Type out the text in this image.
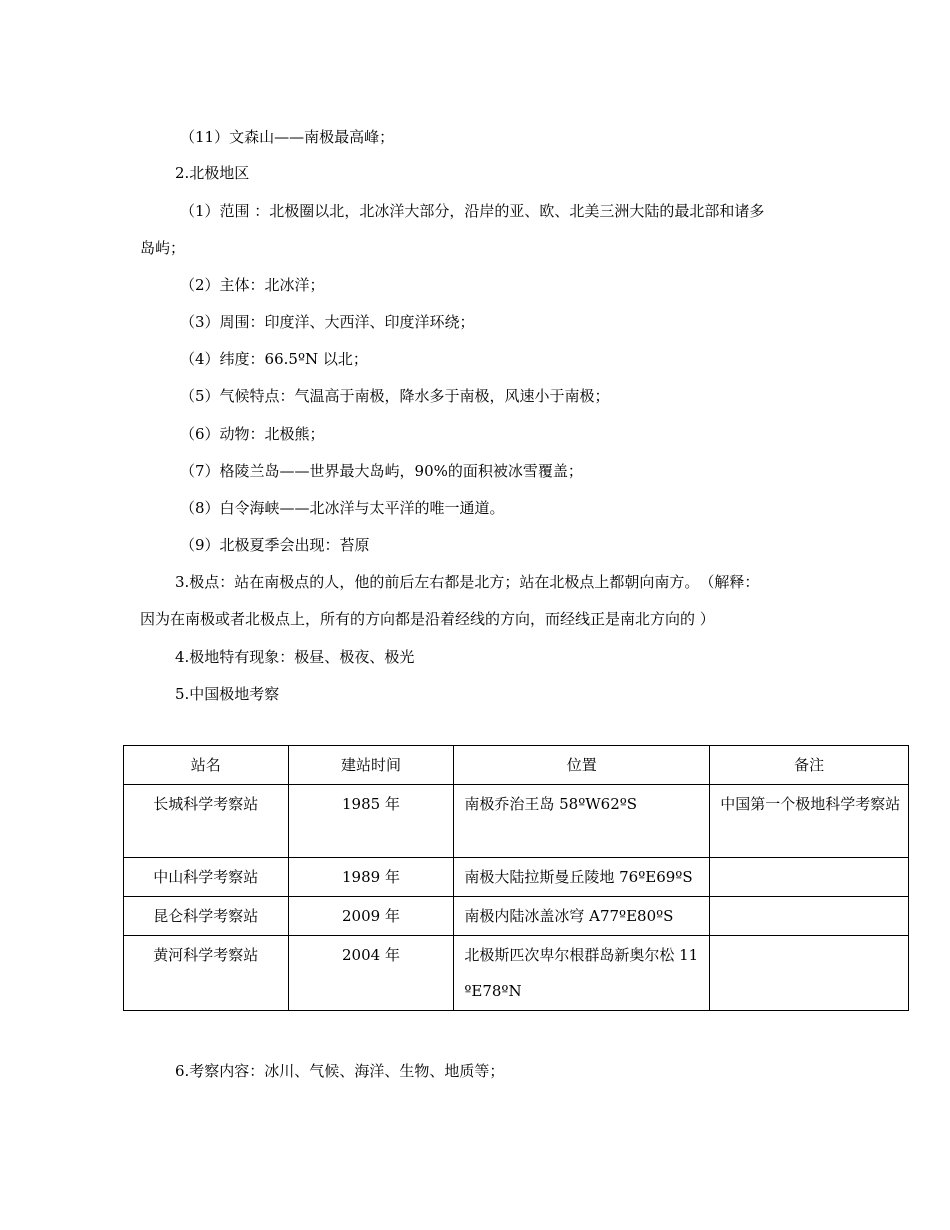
（11）文森山——南极最高峰；
2.北极地区
（1）范围 ：北极圈以北，北冰洋大部分，沿岸的亚、欧、北美三洲大陆的最北部和诸多
岛屿；
（2）主体：北冰洋；
（3）周围：印度洋、大西洋、印度洋环绕；
（4）纬度：66.5ºN 以北；
（5）气候特点：气温高于南极，降水多于南极，风速小于南极；
（6）动物：北极熊；
（7）格陵兰岛——世界最大岛屿，90%的面积被冰雪覆盖；
（8）白令海峡——北冰洋与太平洋的唯一通道。
（9）北极夏季会出现：苔原
3.极点：站在南极点的人，他的前后左右都是北方；站在北极点上都朝向南方。　（解释：
因为在南极或者北极点上，所有的方向都是沿着经线的方向，而经线正是南北方向的 ）
4.极地特有现象：极昼、极夜、极光
5.中国极地考察
站名	建站时间	位置	备注
长城科学考察站	1985 年	南极乔治王岛 58ºW62ºS	中国第一个极地科学考察站
中山科学考察站	1989 年	南极大陆拉斯曼丘陵地 76ºE69ºS	
昆仑科学考察站	2009 年	南极内陆冰盖冰穹 A77ºE80ºS	
黄河科学考察站	2004 年	北极斯匹次卑尔根群岛新奥尔松 11ºE78ºN	
6.考察内容：冰川、气候、海洋、生物、地质等；
